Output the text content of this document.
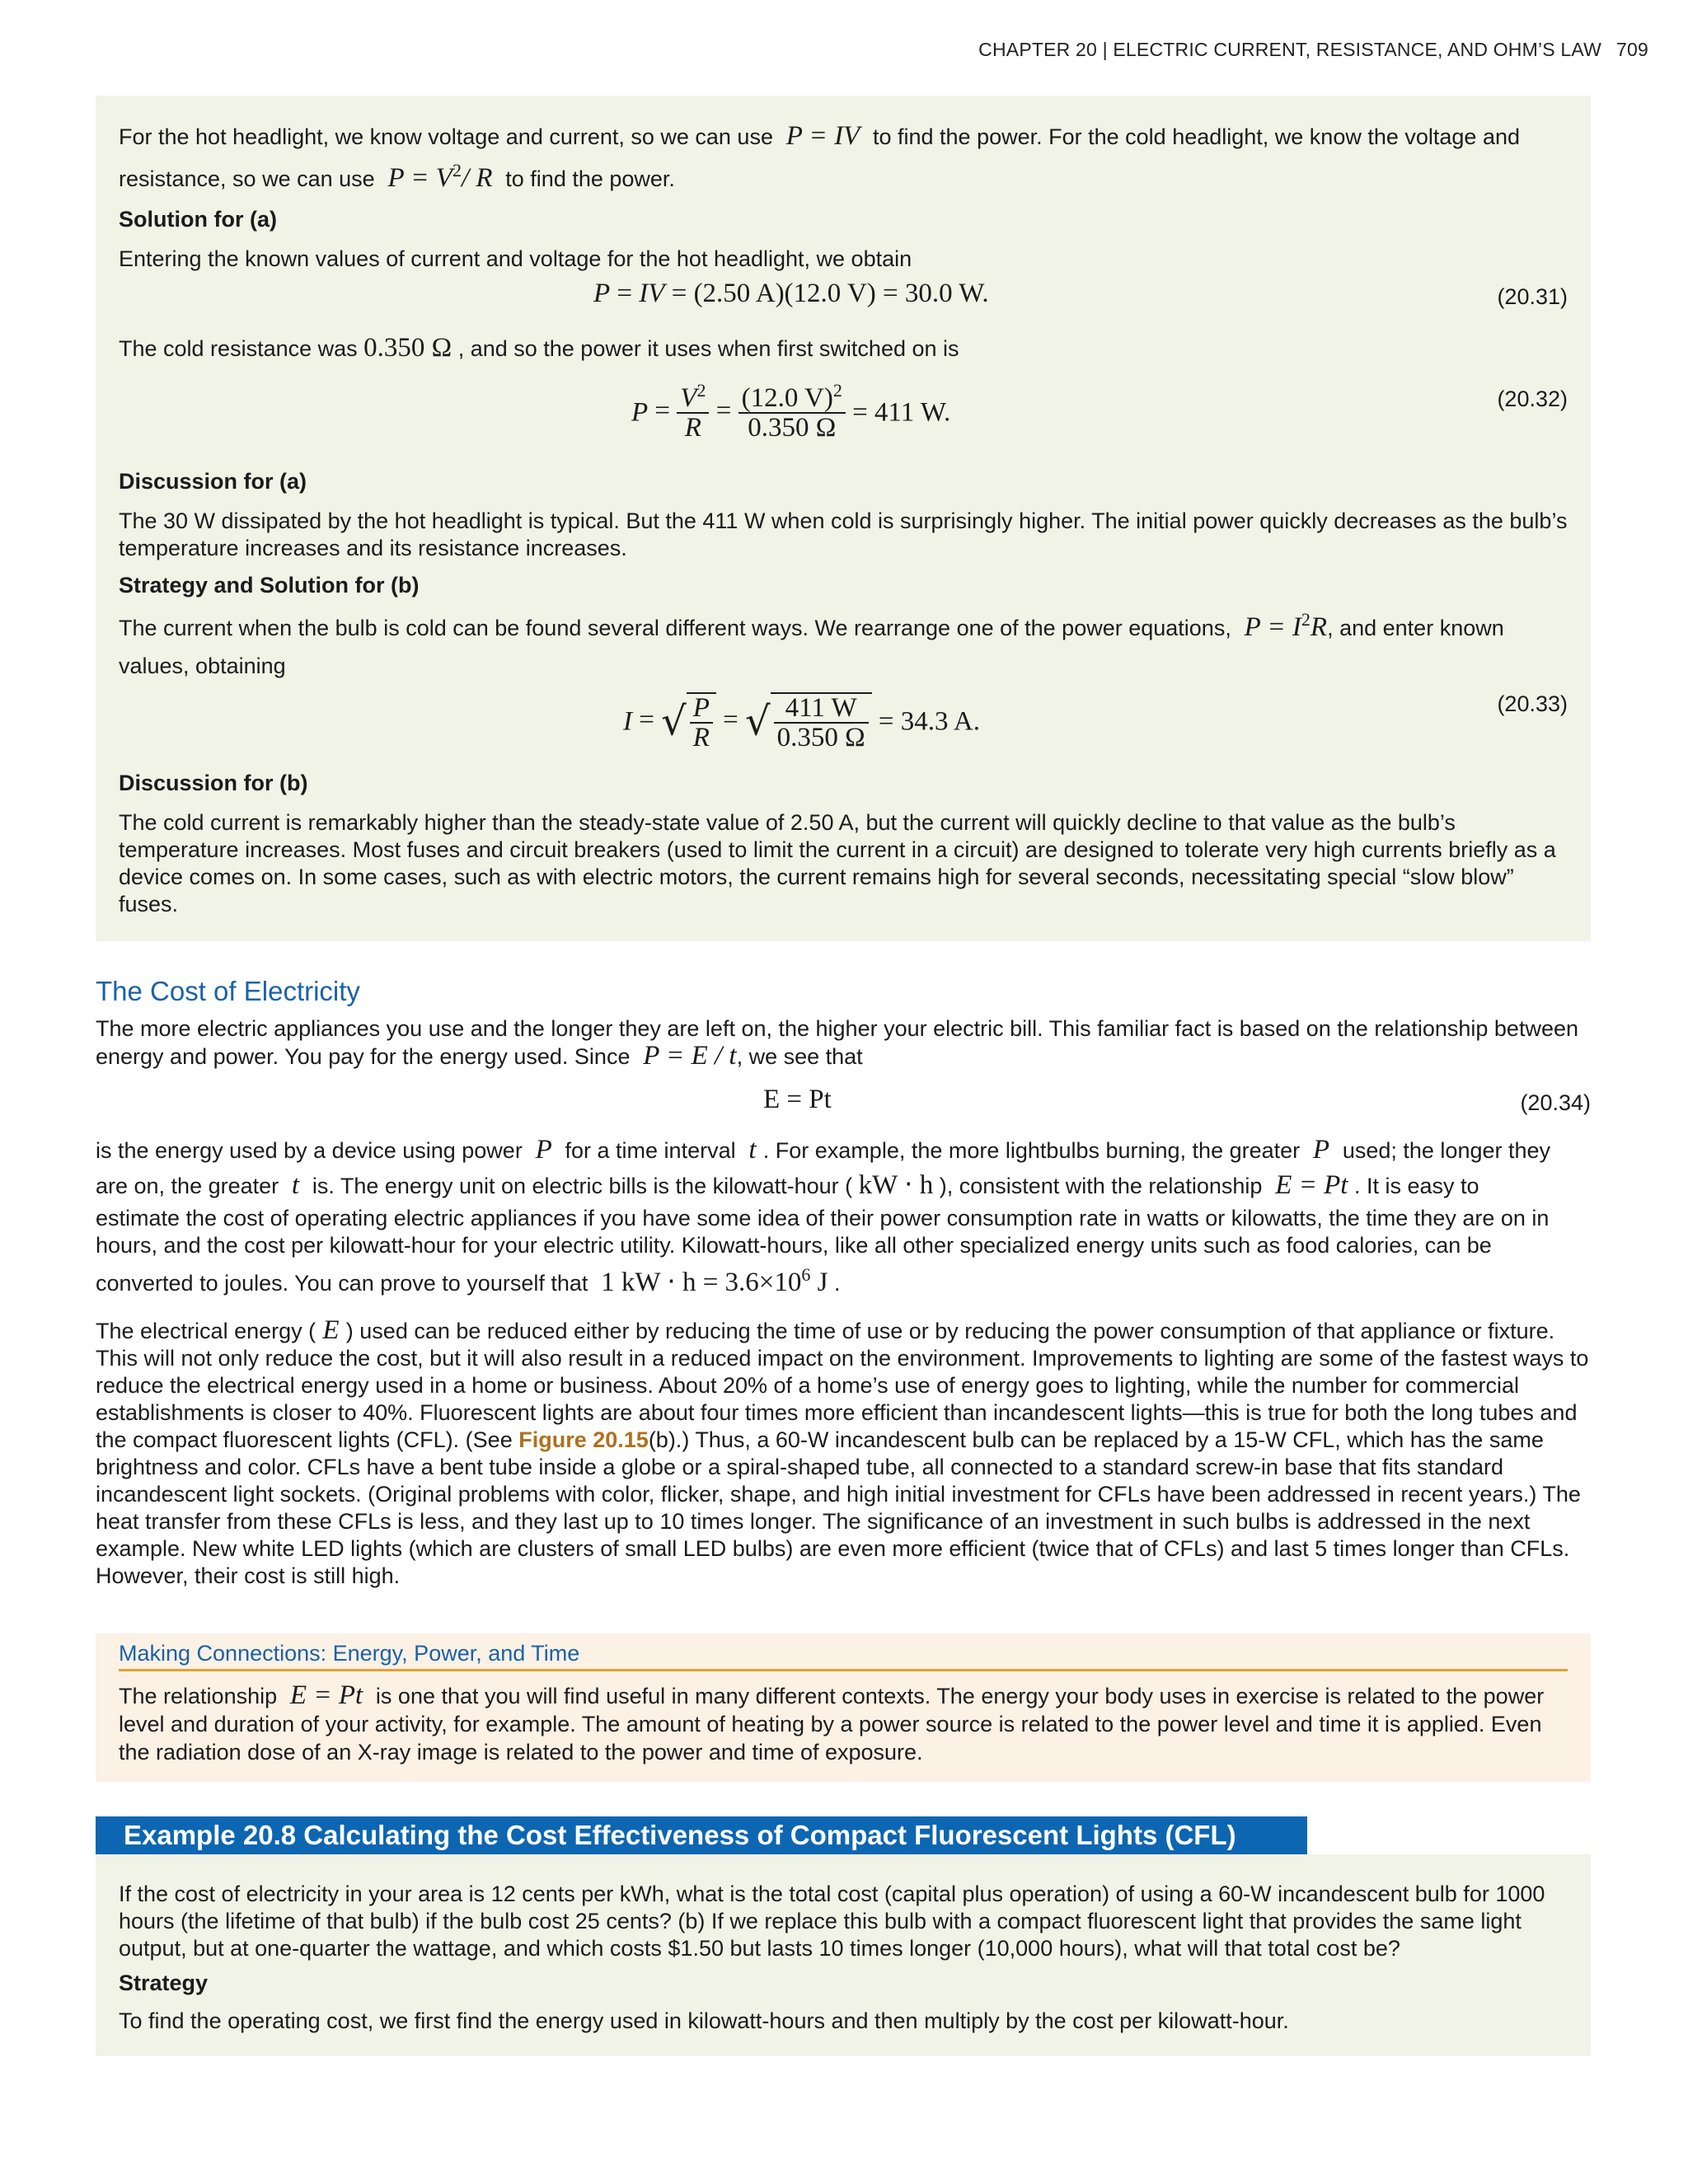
CHAPTER 20 | ELECTRIC CURRENT, RESISTANCE, AND OHM’S LAW 709
For the hot headlight, we know voltage and current, so we can use  P = IV  to find the power. For the cold headlight, we know the voltage and
resistance, so we can use  $P = V^2/$ R  to find the power.
Solution for (a)
Entering the known values of current and voltage for the hot headlight, we obtain
P = IV = (2.50 A)(12.0 V) = 30.0 W.	(20.31)
The cold resistance was 0.350 Ω , and so the power it uses when first switched on is
$P = \frac{V^2}{R} = \frac{(12.0 V)^2}{0.350 \Omega} = 411$ W.	(20.32)
Discussion for (a)
The 30 W dissipated by the hot headlight is typical. But the 411 W when cold is surprisingly higher. The initial power quickly decreases as the bulb’s temperature increases and its resistance increases.
Strategy and Solution for (b)
The current when the bulb is cold can be found several different ways. We rearrange one of the power equations,  $P = I^2R$, and enter known
values, obtaining
I = √ $\frac{P}{R}$ = √ $\frac{411 W}{0.350 \Omega} = 34.3$ A.
(20.33)
Discussion for (b)
The cold current is remarkably higher than the steady-state value of 2.50 A, but the current will quickly decline to that value as the bulb’s temperature increases. Most fuses and circuit breakers (used to limit the current in a circuit) are designed to tolerate very high currents briefly as a device comes on. In some cases, such as with electric motors, the current remains high for several seconds, necessitating special “slow blow” fuses.
The Cost of Electricity
The more electric appliances you use and the longer they are left on, the higher your electric bill. This familiar fact is based on the relationship between energy and power. You pay for the energy used. Since  P = E / t, we see that
E = Pt	(20.34)
is the energy used by a device using power  P  for a time interval  t . For example, the more lightbulbs burning, the greater  P  used; the longer they
are on, the greater  t  is. The energy unit on electric bills is the kilowatt-hour ( kW ⋅ h ), consistent with the relationship  E = Pt . It is easy to
estimate the cost of operating electric appliances if you have some idea of their power consumption rate in watts or kilowatts, the time they are on in hours, and the cost per kilowatt-hour for your electric utility. Kilowatt-hours, like all other specialized energy units such as food calories, can be
converted to joules. You can prove to yourself that 1 kW ⋅ $h = 3.6\times 10^6$ J .
The electrical energy ( E ) used can be reduced either by reducing the time of use or by reducing the power consumption of that appliance or fixture. This will not only reduce the cost, but it will also result in a reduced impact on the environment. Improvements to lighting are some of the fastest ways to reduce the electrical energy used in a home or business. About 20% of a home’s use of energy goes to lighting, while the number for commercial establishments is closer to 40%. Fluorescent lights are about four times more efficient than incandescent lights—this is true for both the long tubes and the compact fluorescent lights (CFL). (See Figure 20.15(b).) Thus, a 60-W incandescent bulb can be replaced by a 15-W CFL, which has the same brightness and color. CFLs have a bent tube inside a globe or a spiral-shaped tube, all connected to a standard screw-in base that fits standard incandescent light sockets. (Original problems with color, flicker, shape, and high initial investment for CFLs have been addressed in recent years.) The heat transfer from these CFLs is less, and they last up to 10 times longer. The significance of an investment in such bulbs is addressed in the next example. New white LED lights (which are clusters of small LED bulbs) are even more efficient (twice that of CFLs) and last 5 times longer than CFLs. However, their cost is still high.
Making Connections: Energy, Power, and Time
The relationship  E = Pt  is one that you will find useful in many different contexts. The energy your body uses in exercise is related to the power level and duration of your activity, for example. The amount of heating by a power source is related to the power level and time it is applied. Even the radiation dose of an X-ray image is related to the power and time of exposure.
Example 20.8 Calculating the Cost Effectiveness of Compact Fluorescent Lights (CFL)
If the cost of electricity in your area is 12 cents per kWh, what is the total cost (capital plus operation) of using a 60-W incandescent bulb for 1000 hours (the lifetime of that bulb) if the bulb cost 25 cents? (b) If we replace this bulb with a compact fluorescent light that provides the same light output, but at one-quarter the wattage, and which costs $1.50 but lasts 10 times longer (10,000 hours), what will that total cost be?
Strategy
To find the operating cost, we first find the energy used in kilowatt-hours and then multiply by the cost per kilowatt-hour.
